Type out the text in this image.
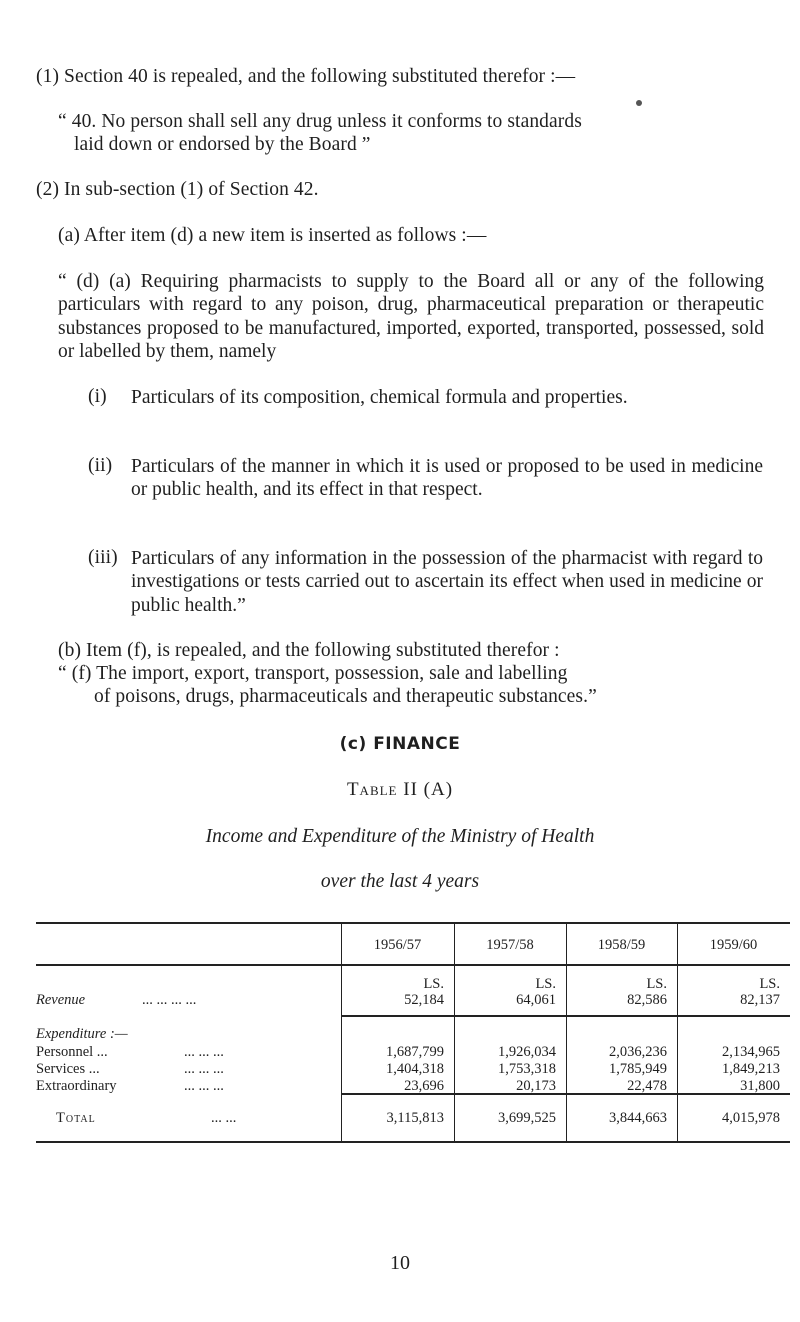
(1) Section 40 is repealed, and the following substituted therefor :—
“ 40. No person shall sell any drug unless it conforms to standards
laid down or endorsed by the Board ”
(2) In sub-section (1) of Section 42.
(a) After item (d) a new item is inserted as follows :—
“ (d) (a) Requiring pharmacists to supply to the Board all or any of the following particulars with regard to any poison, drug, pharmaceutical preparation or therapeutic substances proposed to be manufactured, imported, exported, transported, possessed, sold or labelled by them, namely
(i) Particulars of its composition, chemical formula and properties.
(ii) Particulars of the manner in which it is used or proposed to be used in medicine or public health, and its effect in that respect.
(iii) Particulars of any information in the possession of the pharmacist with regard to investigations or tests carried out to ascertain its effect when used in medicine or public health.”
(b) Item (f), is repealed, and the following substituted therefor :
“ (f) The import, export, transport, possession, sale and labelling
of poisons, drugs, pharmaceuticals and therapeutic substances.”
(c) FINANCE
Table II (A)
Income and Expenditure of the Ministry of Health
over the last 4 years
1956/57	1957/58	1958/59	1959/60
LS.	LS.	LS.	LS.
Revenue	... ... ... ...	52,184	64,061	82,586	82,137
Expenditure :—
Personnel ...	... ... ...	1,687,799	1,926,034	2,036,236	2,134,965
Services ...	... ... ...	1,404,318	1,753,318	1,785,949	1,849,213
Extraordinary	... ... ...	23,696	20,173	22,478	31,800
Total	... ...	3,115,813	3,699,525	3,844,663	4,015,978
10
